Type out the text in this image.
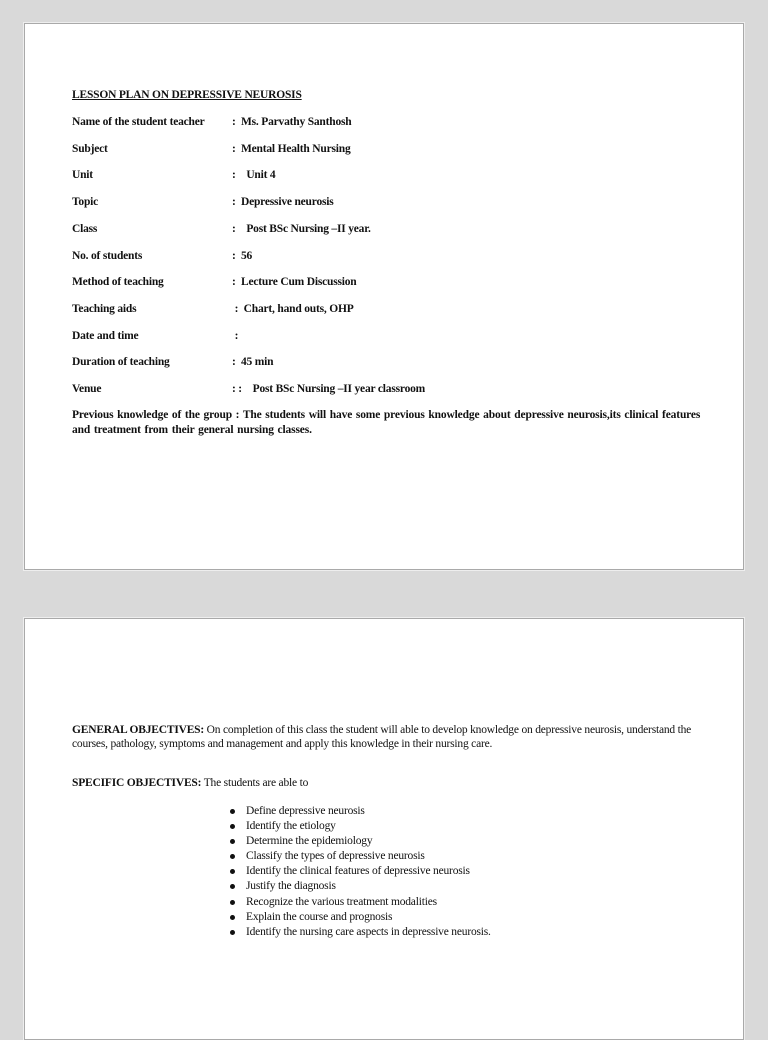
LESSON PLAN ON DEPRESSIVE NEUROSIS
Name of the student teacher :  Ms. Parvathy Santhosh
Subject	:  Mental Health Nursing
Unit	:    Unit 4
Topic	:  Depressive neurosis
Class	:    Post BSc Nursing –II year.
No. of students	:  56
Method of teaching	:  Lecture Cum Discussion
Teaching aids	:  Chart, hand outs, OHP
Date and time	:
Duration of teaching	:  45 min
Venue	: :    Post BSc Nursing –II year classroom
Previous knowledge of the group : The students will have some previous knowledge about depressive neurosis,its clinical features and treatment from their general nursing classes.
GENERAL OBJECTIVES: On completion of this class the student will able to develop knowledge on depressive neurosis, understand the courses, pathology, symptoms and management and apply this knowledge in their nursing care.
SPECIFIC OBJECTIVES: The students are able to
Define depressive neurosis
Identify the etiology
Determine the epidemiology
Classify the types of depressive neurosis
Identify the clinical features of depressive neurosis
Justify the diagnosis
Recognize the various treatment modalities
Explain the course and prognosis
Identify the nursing care aspects in depressive neurosis.
